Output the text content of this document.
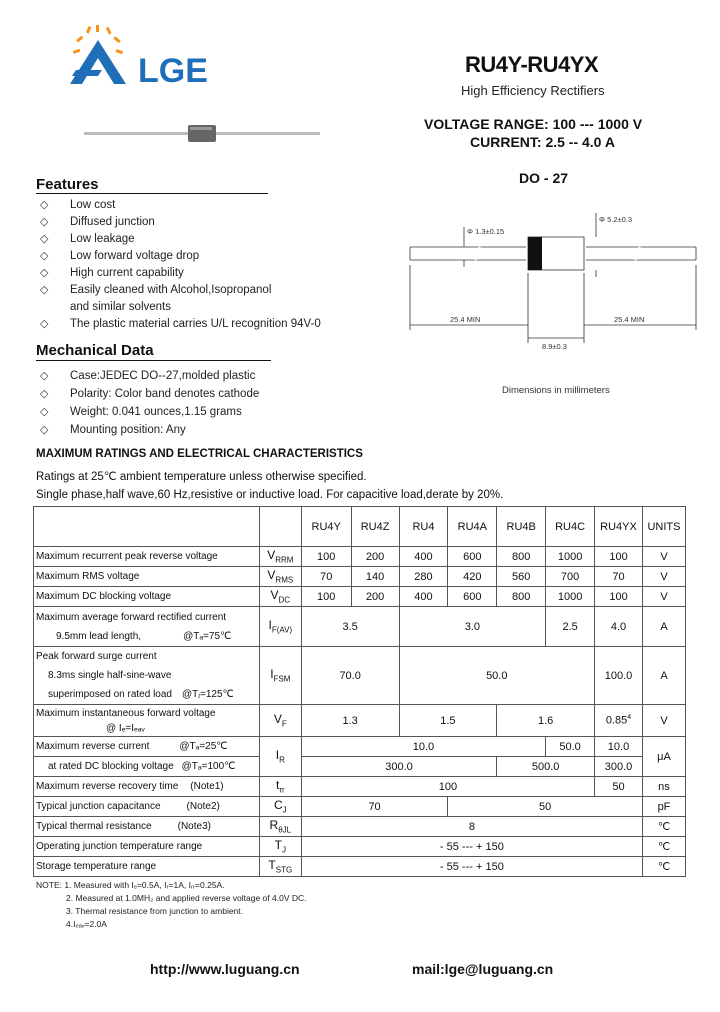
LGE	RU4Y-RU4YX
High Efficiency Rectifiers
VOLTAGE RANGE: 100 --- 1000 V
CURRENT: 2.5 -- 4.0 A
DO - 27
Features
◇ Low cost
◇ Diffused junction
◇ Low leakage
◇ Low forward voltage drop
◇ High current capability
◇ Easily cleaned with Alcohol,Isopropanol
and similar solvents
◇ The plastic material carries U/L recognition 94V-0
Mechanical Data
◇ Case:JEDEC DO--27,molded plastic
◇ Polarity: Color band denotes cathode
◇ Weight: 0.041 ounces,1.15 grams
◇ Mounting position: Any
Φ 1.3±0.15
Φ 5.2±0.3
25.4 MIN	25.4 MIN
8.9±0.3
Dimensions in millimeters
MAXIMUM RATINGS AND ELECTRICAL CHARACTERISTICS
Ratings at 25℃ ambient temperature unless otherwise specified.
Single phase,half wave,60 Hz,resistive or inductive load. For capacitive load,derate by 20%.
		RU4Y	RU4Z	RU4	RU4A	RU4B	RU4C	RU4YX	UNITS
Maximum recurrent peak reverse voltage	$V_{RRM}$	100	200	400	600	800	1000	100	V
Maximum RMS voltage	$V_{RMS}$	70	140	280	420	560	700	70	V
Maximum DC blocking voltage	$V_{DC}$	100	200	400	600	800	1000	100	V

Maximum average forward rectified current
9.5mm lead length, @Tₐ=75℃	$I_{F(AV)}$	3.5		3.0			2.5	4.0	A

Peak forward surge current
8.3ms single half-sine-wave
superimposed on rated load @Tⱼ=125℃	$I_{FSM}$	70.0		50.0				100.0	A

Maximum instantaneous forward voltage
@ Iₑ=Iₑₐᵥ	$V_F$	1.3		1.5		1.6		0.85$^4$	V
Maximum reverse current @Tₐ=25℃	$I_R$	10.0					50.0	10.0	μA
at rated DC blocking voltage @Tₐ=100℃		300.0				500.0		300.0	
Maximum reverse recovery time (Note1)	$t_{rr}$	100						50	ns
Typical junction capacitance (Note2)	$C_J$	70			50				pF
Typical thermal resistance (Note3)	$R_{\theta JL}$	8							℃
Operating junction temperature range	$T_J$	- 55 --- + 150							℃
Storage temperature range	$T_{STG}$	- 55 --- + 150							℃
NOTE: 1. Measured with Iₑ=0.5A, Iᵣ=1A, Iᵣᵣ=0.25A.
2. Measured at 1.0MH₂ and applied reverse voltage of 4.0V DC.
3. Thermal resistance from junction to ambient.
4.Iₑₐᵥ=2.0A
http://www.luguang.cn	mail:lge@luguang.cn
